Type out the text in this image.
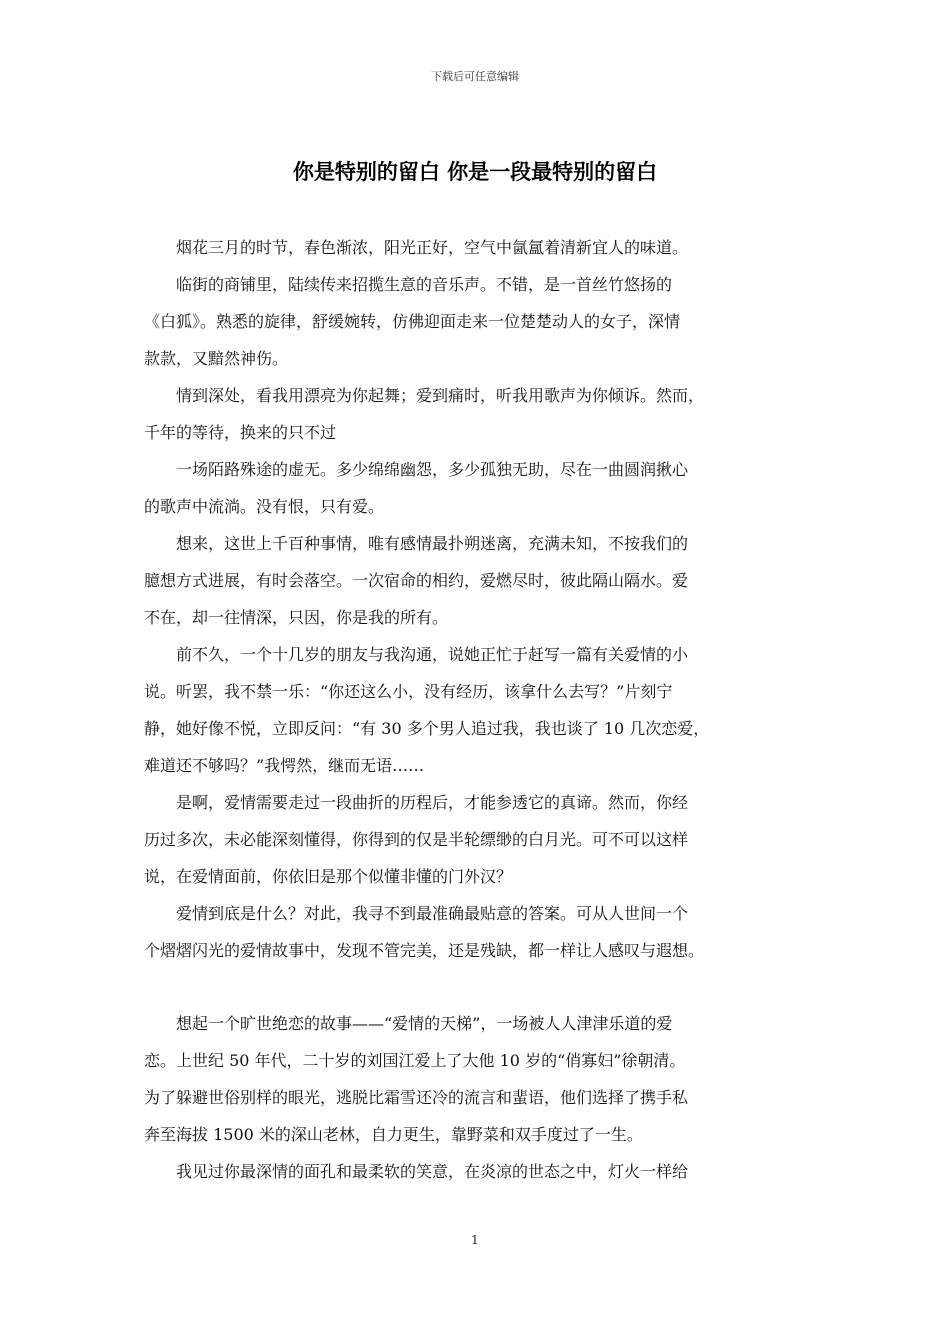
下载后可任意编辑
你是特别的留白 你是一段最特别的留白
　　烟花三月的时节，春色渐浓，阳光正好，空气中氤氲着清新宜人的味道。
　　临街的商铺里，陆续传来招揽生意的音乐声。不错，是一首丝竹悠扬的
《白狐》。熟悉的旋律，舒缓婉转，仿佛迎面走来一位楚楚动人的女子，深情
款款，又黯然神伤。
　　情到深处，看我用漂亮为你起舞；爱到痛时，听我用歌声为你倾诉。然而，
千年的等待，换来的只不过
　　一场陌路殊途的虚无。多少绵绵幽怨，多少孤独无助，尽在一曲圆润揪心
的歌声中流淌。没有恨，只有爱。
　　想来，这世上千百种事情，唯有感情最扑朔迷离，充满未知，不按我们的
臆想方式进展，有时会落空。一次宿命的相约，爱燃尽时，彼此隔山隔水。爱
不在，却一往情深，只因，你是我的所有。
　　前不久，一个十几岁的朋友与我沟通，说她正忙于赶写一篇有关爱情的小
说。听罢，我不禁一乐：“你还这么小，没有经历，该拿什么去写？”片刻宁
静，她好像不悦，立即反问：“有 30 多个男人追过我，我也谈了 10 几次恋爱，
难道还不够吗？”我愕然，继而无语……
　　是啊，爱情需要走过一段曲折的历程后，才能参透它的真谛。然而，你经
历过多次，未必能深刻懂得，你得到的仅是半轮缥缈的白月光。可不可以这样
说，在爱情面前，你依旧是那个似懂非懂的门外汉？
　　爱情到底是什么？对此，我寻不到最准确最贴意的答案。可从人世间一个
个熠熠闪光的爱情故事中，发现不管完美，还是残缺，都一样让人感叹与遐想。
　　想起一个旷世绝恋的故事——“爱情的天梯”，一场被人人津津乐道的爱
恋。上世纪 50 年代，二十岁的刘国江爱上了大他 10 岁的“俏寡妇”徐朝清。
为了躲避世俗别样的眼光，逃脱比霜雪还冷的流言和蜚语，他们选择了携手私
奔至海拔 1500 米的深山老林，自力更生，靠野菜和双手度过了一生。
　　我见过你最深情的面孔和最柔软的笑意，在炎凉的世态之中，灯火一样给
1
